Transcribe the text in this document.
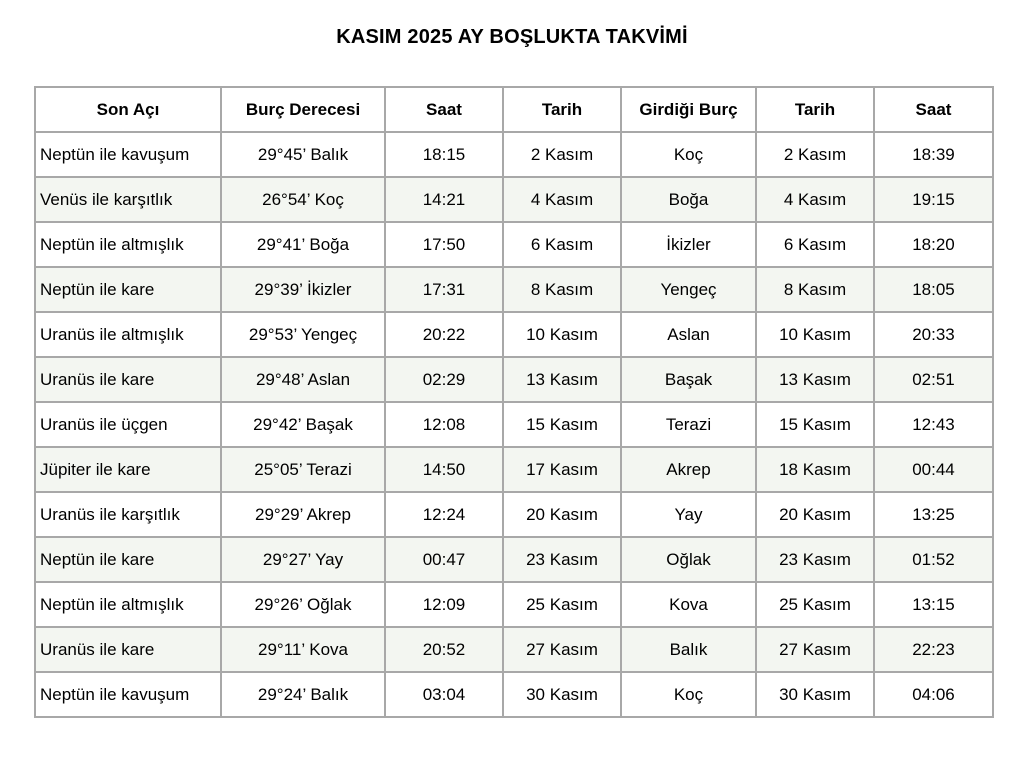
KASIM 2025 AY BOŞLUKTA TAKVİMİ
Son Açı	Burç Derecesi	Saat	Tarih	Girdiği Burç	Tarih	Saat
Neptün ile kavuşum	29°45’ Balık	18:15	2 Kasım	Koç	2 Kasım	18:39
Venüs ile karşıtlık	26°54’ Koç	14:21	4 Kasım	Boğa	4 Kasım	19:15
Neptün ile altmışlık	29°41’ Boğa	17:50	6 Kasım	İkizler	6 Kasım	18:20
Neptün ile kare	29°39’ İkizler	17:31	8 Kasım	Yengeç	8 Kasım	18:05
Uranüs ile altmışlık	29°53’ Yengeç	20:22	10 Kasım	Aslan	10 Kasım	20:33
Uranüs ile kare	29°48’ Aslan	02:29	13 Kasım	Başak	13 Kasım	02:51
Uranüs ile üçgen	29°42’ Başak	12:08	15 Kasım	Terazi	15 Kasım	12:43
Jüpiter ile kare	25°05’ Terazi	14:50	17 Kasım	Akrep	18 Kasım	00:44
Uranüs ile karşıtlık	29°29’ Akrep	12:24	20 Kasım	Yay	20 Kasım	13:25
Neptün ile kare	29°27’ Yay	00:47	23 Kasım	Oğlak	23 Kasım	01:52
Neptün ile altmışlık	29°26’ Oğlak	12:09	25 Kasım	Kova	25 Kasım	13:15
Uranüs ile kare	29°11’ Kova	20:52	27 Kasım	Balık	27 Kasım	22:23
Neptün ile kavuşum	29°24’ Balık	03:04	30 Kasım	Koç	30 Kasım	04:06
